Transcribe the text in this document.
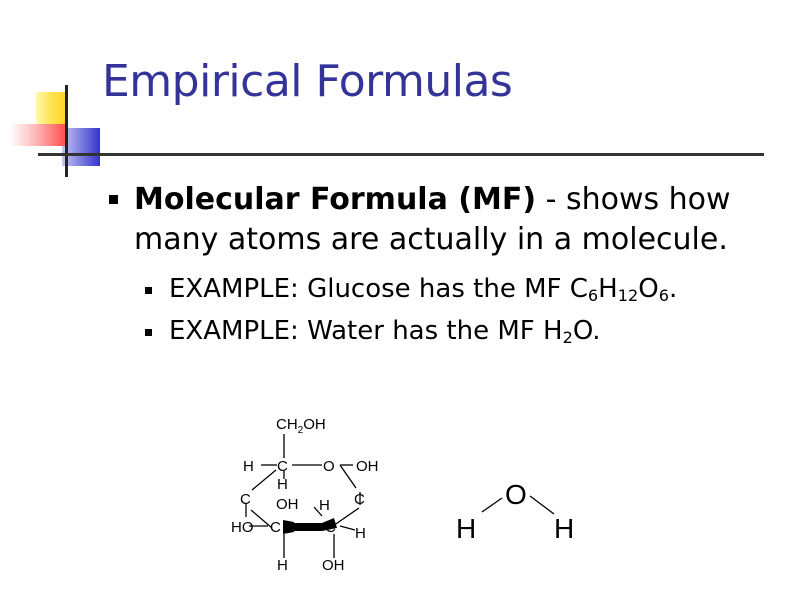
Empirical Formulas
Molecular Formula (MF) - shows how many atoms are actually in a molecule.
EXAMPLE: Glucose has the MF $C_6H_{12}O_6$.
EXAMPLE: Water has the MF $H_2O$.
$CH_2OH$
H C O OH
H
C OH H C
HO C	C H
H OH
O
H	H
